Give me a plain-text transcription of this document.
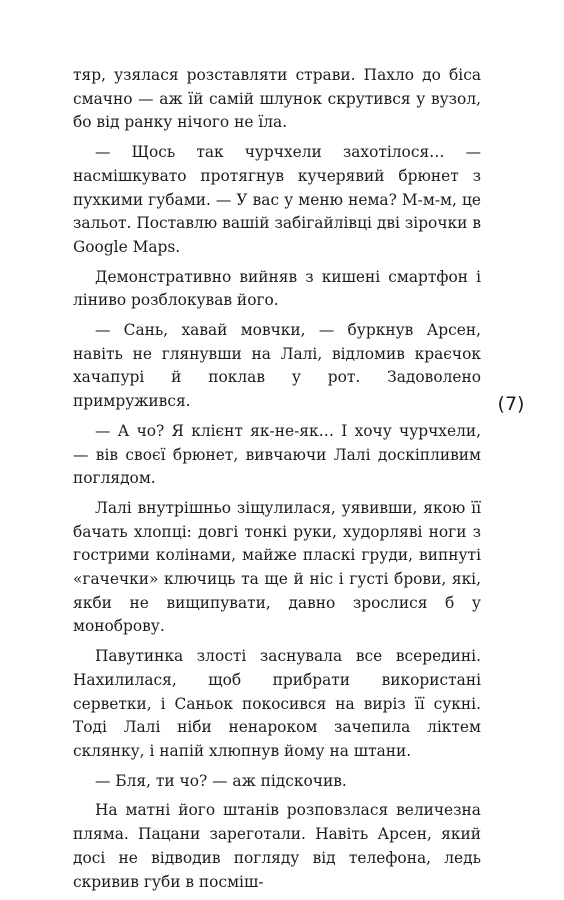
тяр, узялася розставляти страви. Пахло до біса смачно — аж їй самій шлунок скрутився у вузол, бо від ранку нічого не їла.

— Щось так чурчхели захотілося… — насмішкувато протягнув кучерявий брюнет з пухкими губами. — У вас у меню нема? М-м-м, це зальот. Поставлю вашій забігайлівці дві зірочки в Google Maps.

Демонстративно вийняв з кишені смартфон і ліниво розблокував його.

— Сань, хавай мовчки, — буркнув Арсен, навіть не глянувши на Лалі, відломив краєчок хачапурі й поклав у рот. Задоволено примружився.

— А чо? Я клієнт як-не-як… І хочу чурчхели, — вів своєї брюнет, вивчаючи Лалі доскіпливим поглядом.

Лалі внутрішньо зіщулилася, уявивши, якою її бачать хлопці: довгі тонкі руки, худорляві ноги з гострими колінами, майже пласкі груди, випнуті «гачечки» ключиць та ще й ніс і густі брови, які, якби не вищипувати, давно зрослися б у моноброву.

Павутинка злості заснувала все всередині. Нахилилася, щоб прибрати використані серветки, і Саньок покосився на виріз її сукні. Тоді Лалі ніби ненароком зачепила ліктем склянку, і напій хлюпнув йому на штани.

— Бля, ти чо? — аж підскочив.

На матні його штанів розповзлася величезна пляма. Пацани зареготали. Навіть Арсен, який досі не відводив погляду від телефона, ледь скривив губи в посміш-

(7)
